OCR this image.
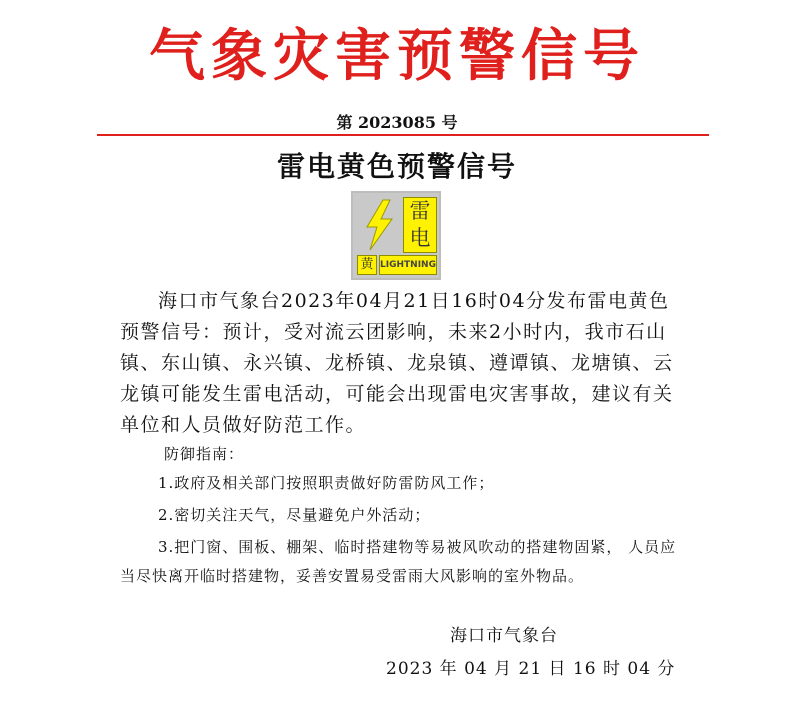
气象灾害预警信号
第 2023085 号
雷电黄色预警信号
雷
电
黄 LIGHTNING

海口市气象台2023年04月21日16时04分发布雷电黄色预警信号：预计，受对流云团影响，未来2小时内，我市石山镇、东山镇、永兴镇、龙桥镇、龙泉镇、遵谭镇、龙塘镇、云龙镇可能发生雷电活动，可能会出现雷电灾害事故，建议有关单位和人员做好防范工作。

防御指南：

1.政府及相关部门按照职责做好防雷防风工作；

2.密切关注天气，尽量避免户外活动；

3.把门窗、围板、棚架、临时搭建物等易被风吹动的搭建物固紧， 人员应当尽快离开临时搭建物，妥善安置易受雷雨大风影响的室外物品。

海口市气象台
2023 年 04 月 21 日 16 时 04 分
